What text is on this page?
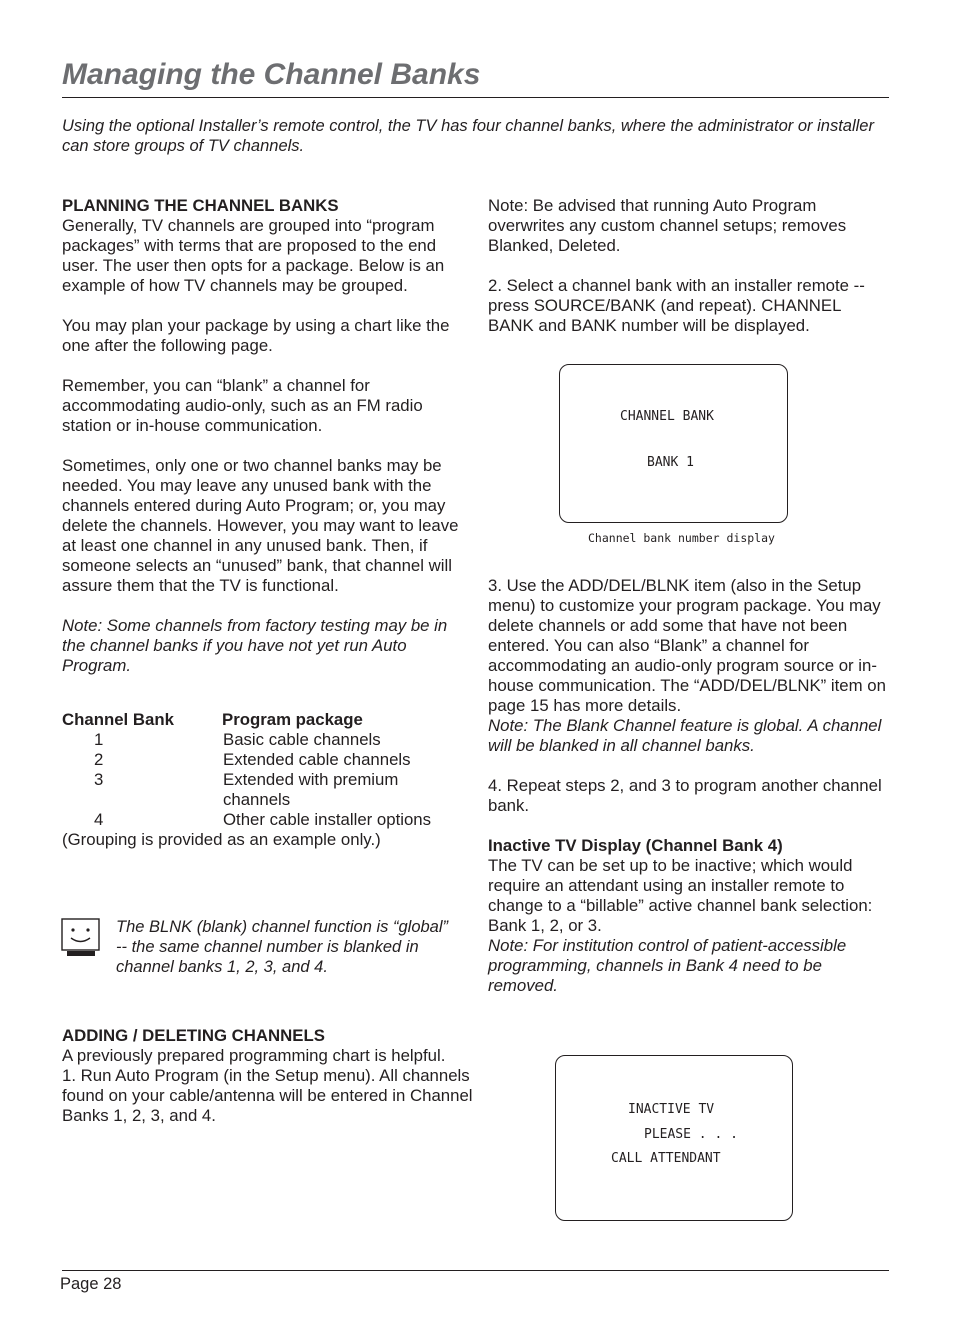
Managing the Channel Banks
Using the optional Installer’s remote control, the TV has four channel banks, where the administrator or installer can store groups of TV channels.

PLANNING THE CHANNEL BANKS

Generally, TV channels are grouped into “program packages” with terms that are proposed to the end user. The user then opts for a package. Below is an example of how TV channels may be grouped.

You may plan your package by using a chart like the one after the following page.

Remember, you can “blank” a channel for accommodating audio-only, such as an FM radio station or in-house communication.

Sometimes, only one or two channel banks may be needed. You may leave any unused bank with the channels entered during Auto Program; or, you may delete the channels. However, you may want to leave at least one channel in any unused bank. Then, if someone selects an “unused” bank, that channel will assure them that the TV is functional.

Note: Some channels from factory testing may be in the channel banks if you have not yet run Auto Program.

Channel Bank	Program package
1	Basic cable channels
2	Extended cable channels
3	Extended with premium
channels
4	Other cable installer options
(Grouping is provided as an example only.)
The BLNK (blank) channel function is “global” -- the same channel number is blanked in channel banks 1, 2, 3, and 4.

ADDING / DELETING CHANNELS

A previously prepared programming chart is helpful.

1. Run Auto Program (in the Setup menu). All channels found on your cable/antenna will be entered in Channel Banks 1, 2, 3, and 4.

Note: Be advised that running Auto Program overwrites any custom channel setups; removes Blanked, Deleted.

2. Select a channel bank with an installer remote --press SOURCE/BANK (and repeat). CHANNEL BANK and BANK number will be displayed.

CHANNEL BANK
BANK 1
Channel bank number display

3. Use the ADD/DEL/BLNK item (also in the Setup menu) to customize your program package. You may delete channels or add some that have not been entered. You can also “Blank” a channel for accommodating an audio-only program source or in-house communication. The “ADD/DEL/BLNK” item on page 15 has more details.

Note: The Blank Channel feature is global. A channel will be blanked in all channel banks.

4. Repeat steps 2, and 3 to program another channel bank.

Inactive TV Display (Channel Bank 4)

The TV can be set up to be inactive; which would require an attendant using an installer remote to change to a “billable” active channel bank selection: Bank 1, 2, or 3.

Note: For institution control of patient-accessible programming, channels in Bank 4 need to be removed.

INACTIVE TV
PLEASE . . .
CALL ATTENDANT
Page 28
